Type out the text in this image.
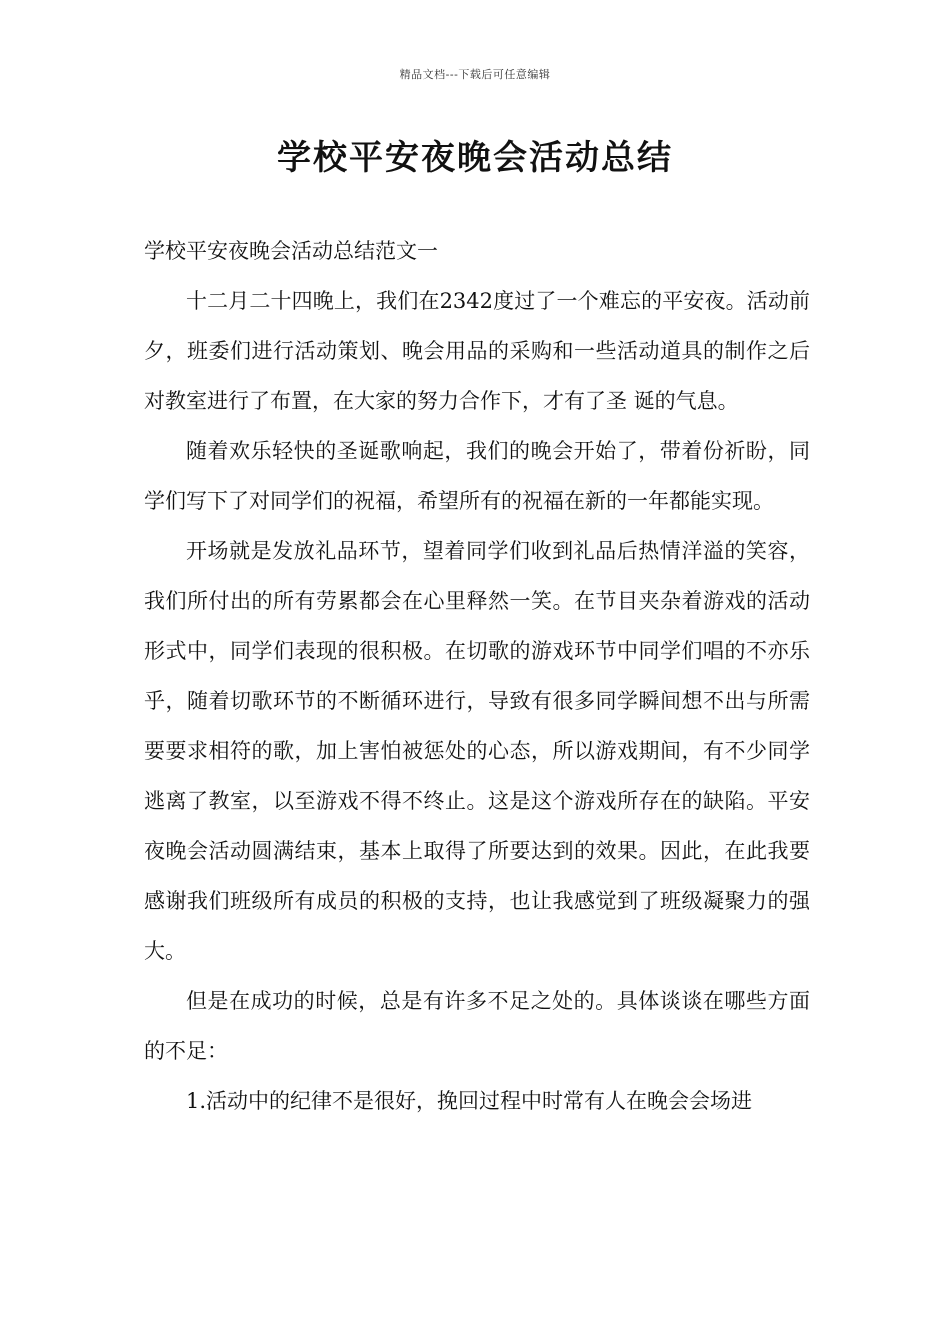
精品文档---下载后可任意编辑
学校平安夜晚会活动总结

学校平安夜晚会活动总结范文一

十二月二十四晚上，我们在2342度过了一个难忘的平安夜。活动前夕，班委们进行活动策划、晚会用品的采购和一些活动道具的制作之后对教室进行了布置，在大家的努力合作下，才有了圣 诞的气息。

随着欢乐轻快的圣诞歌响起，我们的晚会开始了，带着份祈盼，同学们写下了对同学们的祝福，希望所有的祝福在新的一年都能实现。

开场就是发放礼品环节，望着同学们收到礼品后热情洋溢的笑容，我们所付出的所有劳累都会在心里释然一笑。在节目夹杂着游戏的活动形式中，同学们表现的很积极。在切歌的游戏环节中同学们唱的不亦乐乎，随着切歌环节的不断循环进行，导致有很多同学瞬间想不出与所需要要求相符的歌，加上害怕被惩处的心态，所以游戏期间，有不少同学逃离了教室，以至游戏不得不终止。这是这个游戏所存在的缺陷。平安夜晚会活动圆满结束，基本上取得了所要达到的效果。因此，在此我要感谢我们班级所有成员的积极的支持，也让我感觉到了班级凝聚力的强大。

但是在成功的时候，总是有许多不足之处的。具体谈谈在哪些方面的不足：

1.活动中的纪律不是很好，挽回过程中时常有人在晚会会场进
